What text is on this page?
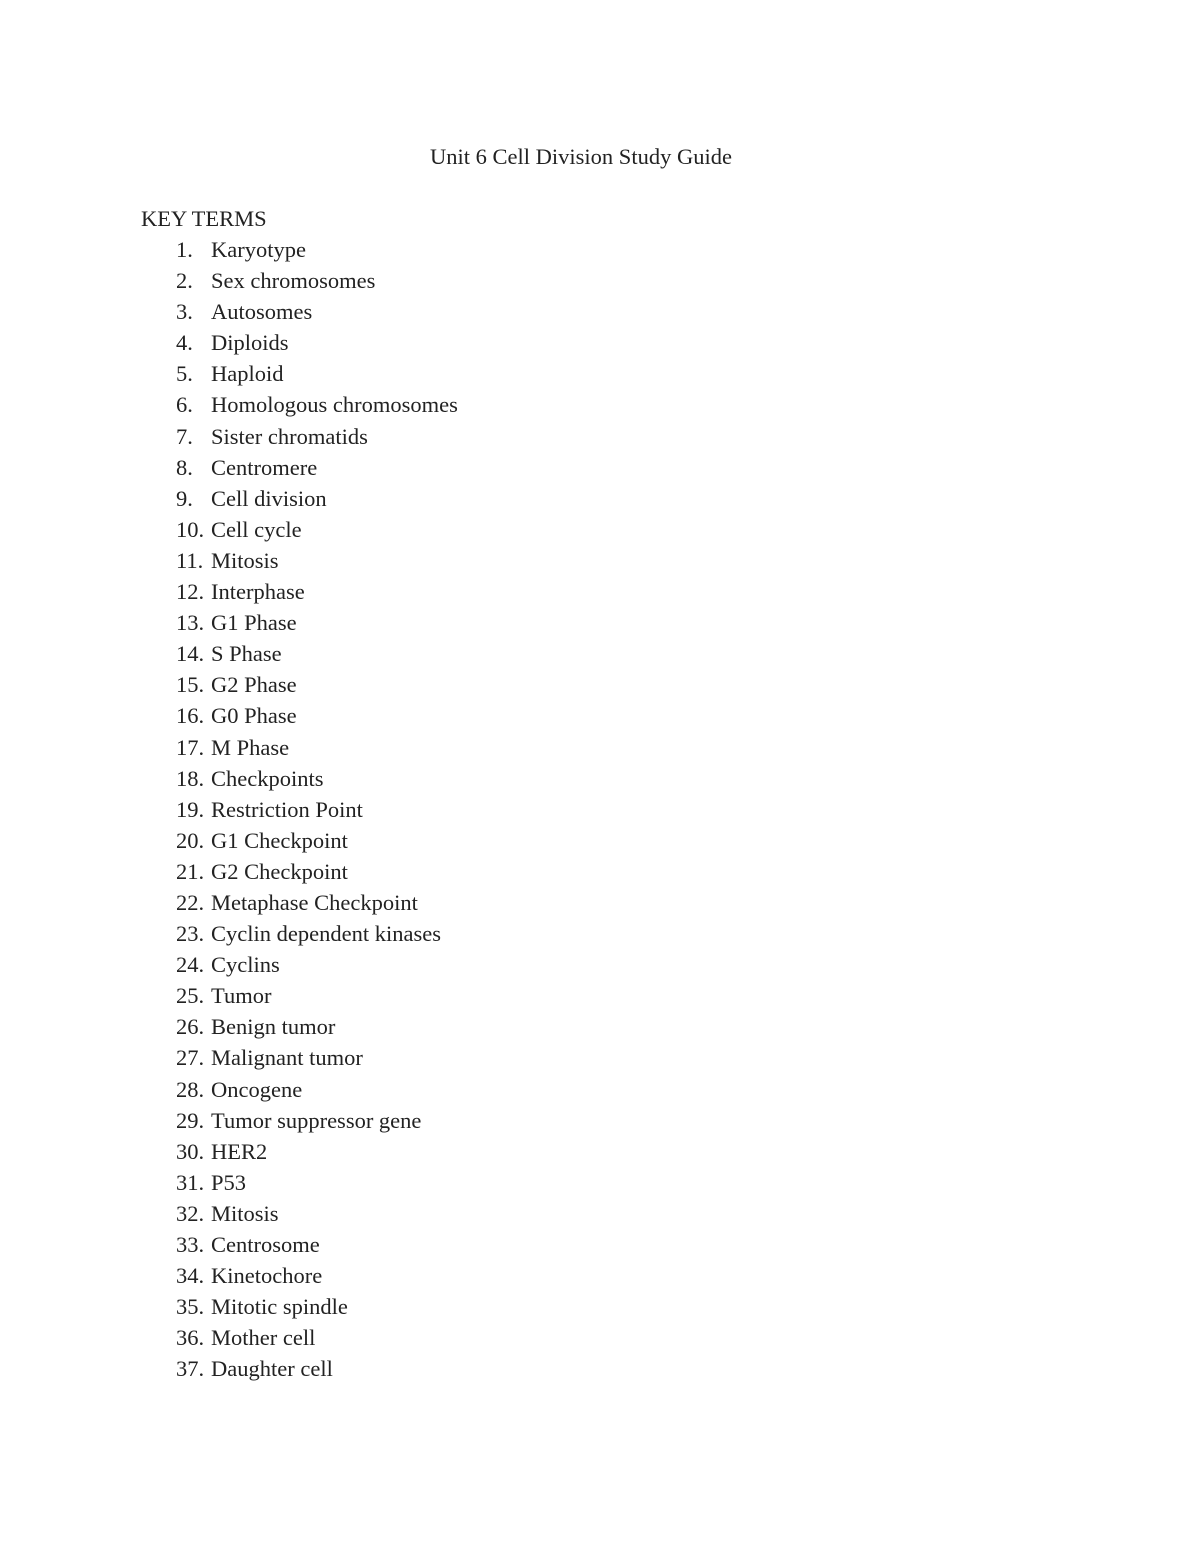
Unit 6 Cell Division Study Guide
KEY TERMS
1. Karyotype
2. Sex chromosomes
3. Autosomes
4. Diploids
5. Haploid
6. Homologous chromosomes
7. Sister chromatids
8. Centromere
9. Cell division
10. Cell cycle
11. Mitosis
12. Interphase
13. G1 Phase
14. S Phase
15. G2 Phase
16. G0 Phase
17. M Phase
18. Checkpoints
19. Restriction Point
20. G1 Checkpoint
21. G2 Checkpoint
22. Metaphase Checkpoint
23. Cyclin dependent kinases
24. Cyclins
25. Tumor
26. Benign tumor
27. Malignant tumor
28. Oncogene
29. Tumor suppressor gene
30. HER2
31. P53
32. Mitosis
33. Centrosome
34. Kinetochore
35. Mitotic spindle
36. Mother cell
37. Daughter cell
